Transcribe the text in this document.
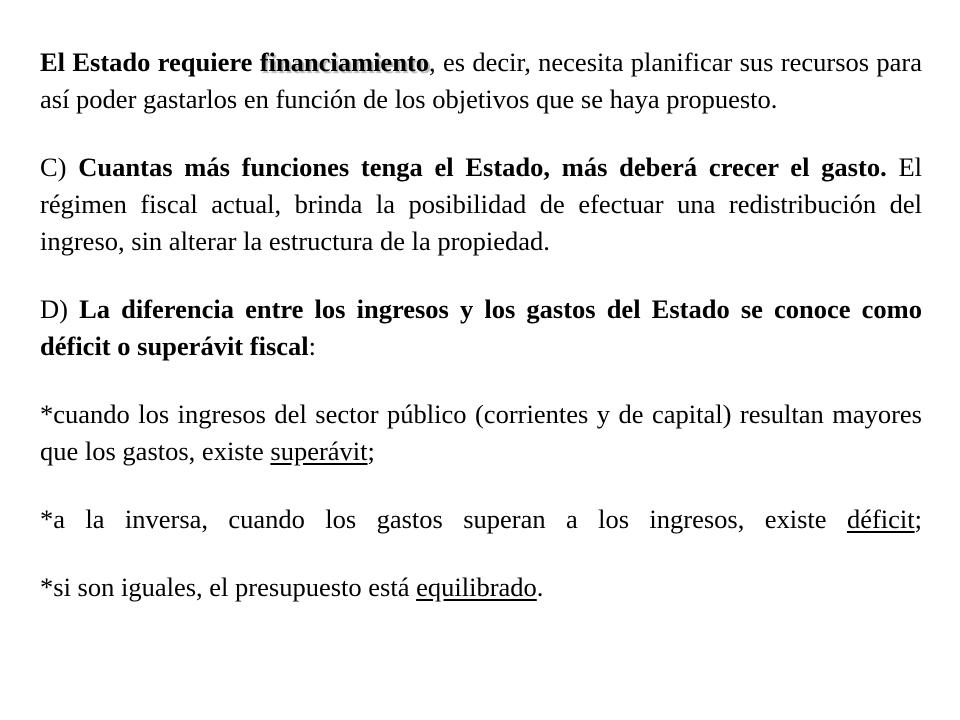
El Estado requiere financiamiento, es decir, necesita planificar sus recursos para así poder gastarlos en función de los objetivos que se haya propuesto.

C) Cuantas más funciones tenga el Estado, más deberá crecer el gasto. El régimen fiscal actual, brinda la posibilidad de efectuar una redistribución del ingreso, sin alterar la estructura de la propiedad.

D) La diferencia entre los ingresos y los gastos del Estado se conoce como déficit o superávit fiscal:

*cuando los ingresos del sector público (corrientes y de capital) resultan mayores que los gastos, existe superávit;

*a la inversa, cuando los gastos superan a los ingresos, existe déficit;

*si son iguales, el presupuesto está equilibrado.
